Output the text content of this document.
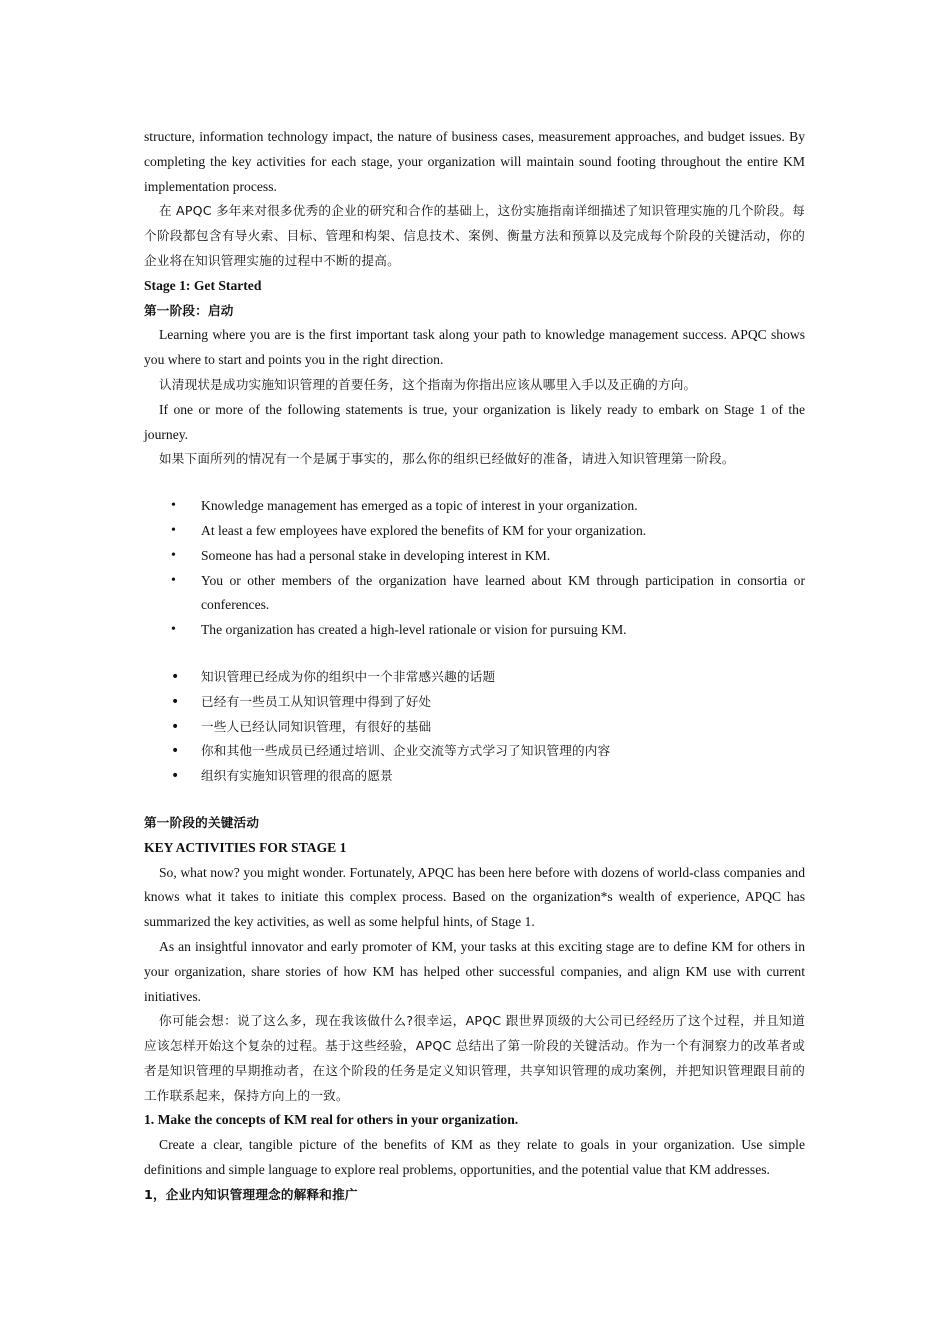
structure, information technology impact, the nature of business cases, measurement approaches, and budget issues. By completing the key activities for each stage, your organization will maintain sound footing throughout the entire KM implementation process.

在 APQC 多年来对很多优秀的企业的研究和合作的基础上，这份实施指南详细描述了知识管理实施的几个阶段。每个阶段都包含有导火索、目标、管理和构架、信息技术、案例、衡量方法和预算以及完成每个阶段的关键活动，你的企业将在知识管理实施的过程中不断的提高。

Stage 1: Get Started

第一阶段：启动

Learning where you are is the first important task along your path to knowledge management success. APQC shows you where to start and points you in the right direction.

认清现状是成功实施知识管理的首要任务，这个指南为你指出应该从哪里入手以及正确的方向。

If one or more of the following statements is true, your organization is likely ready to embark on Stage 1 of the journey.

如果下面所列的情况有一个是属于事实的，那么你的组织已经做好的准备，请进入知识管理第一阶段。

• Knowledge management has emerged as a topic of interest in your organization.
• At least a few employees have explored the benefits of KM for your organization.
• Someone has had a personal stake in developing interest in KM.
• You or other members of the organization have learned about KM through participation in consortia or conferences.
• The organization has created a high-level rationale or vision for pursuing KM.
• 知识管理已经成为你的组织中一个非常感兴趣的话题
• 已经有一些员工从知识管理中得到了好处
• 一些人已经认同知识管理，有很好的基础
• 你和其他一些成员已经通过培训、企业交流等方式学习了知识管理的内容
• 组织有实施知识管理的很高的愿景

第一阶段的关键活动

KEY ACTIVITIES FOR STAGE 1

So, what now? you might wonder. Fortunately, APQC has been here before with dozens of world-class companies and knows what it takes to initiate this complex process. Based on the organization*s wealth of experience, APQC has summarized the key activities, as well as some helpful hints, of Stage 1.

As an insightful innovator and early promoter of KM, your tasks at this exciting stage are to define KM for others in your organization, share stories of how KM has helped other successful companies, and align KM use with current initiatives.

你可能会想：说了这么多，现在我该做什么?很幸运，APQC 跟世界顶级的大公司已经经历了这个过程，并且知道应该怎样开始这个复杂的过程。基于这些经验，APQC 总结出了第一阶段的关键活动。作为一个有洞察力的改革者或者是知识管理的早期推动者，在这个阶段的任务是定义知识管理，共享知识管理的成功案例，并把知识管理跟目前的工作联系起来，保持方向上的一致。

1. Make the concepts of KM real for others in your organization.

Create a clear, tangible picture of the benefits of KM as they relate to goals in your organization. Use simple definitions and simple language to explore real problems, opportunities, and the potential value that KM addresses.

1，企业内知识管理理念的解释和推广
